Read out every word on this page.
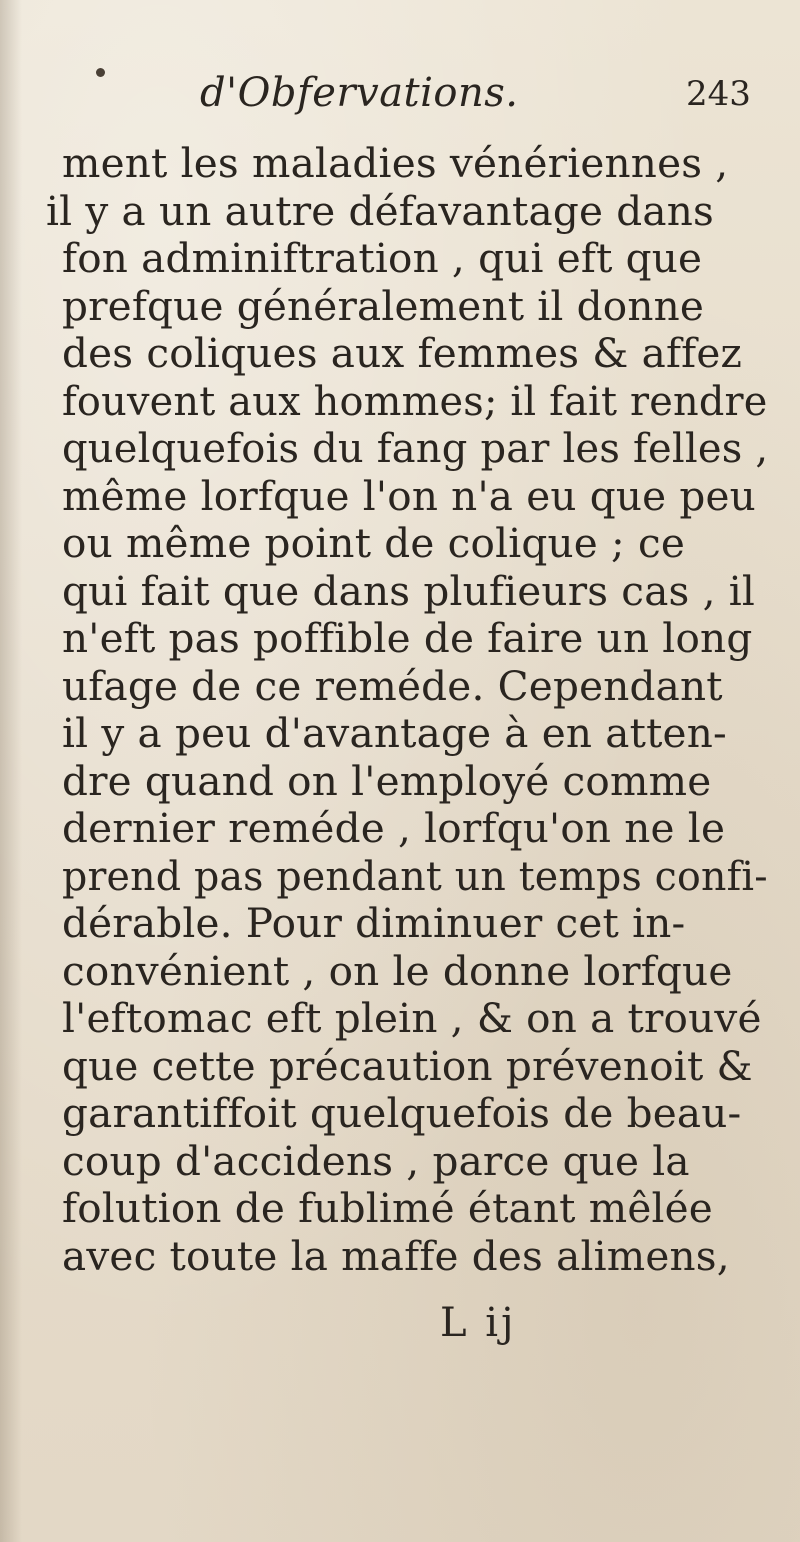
d'Obfervations.	243
ment les maladies vénériennes ,
il y a un autre défavantage dans
fon adminiftration , qui eft que
prefque généralement il donne
des coliques aux femmes & affez
fouvent aux hommes; il fait rendre
quelquefois du fang par les felles ,
même lorfque l'on n'a eu que peu
ou même point de colique ; ce
qui fait que dans plufieurs cas , il
n'eft pas poffible de faire un long
ufage de ce reméde. Cependant
il y a peu d'avantage à en atten-
dre quand on l'employé comme
dernier reméde , lorfqu'on ne le
prend pas pendant un temps confi-
dérable. Pour diminuer cet in-
convénient , on le donne lorfque
l'eftomac eft plein , & on a trouvé
que cette précaution prévenoit &
garantiffoit quelquefois de beau-
coup d'accidens , parce que la
folution de fublimé étant mêlée
avec toute la maffe des alimens,
L ij
